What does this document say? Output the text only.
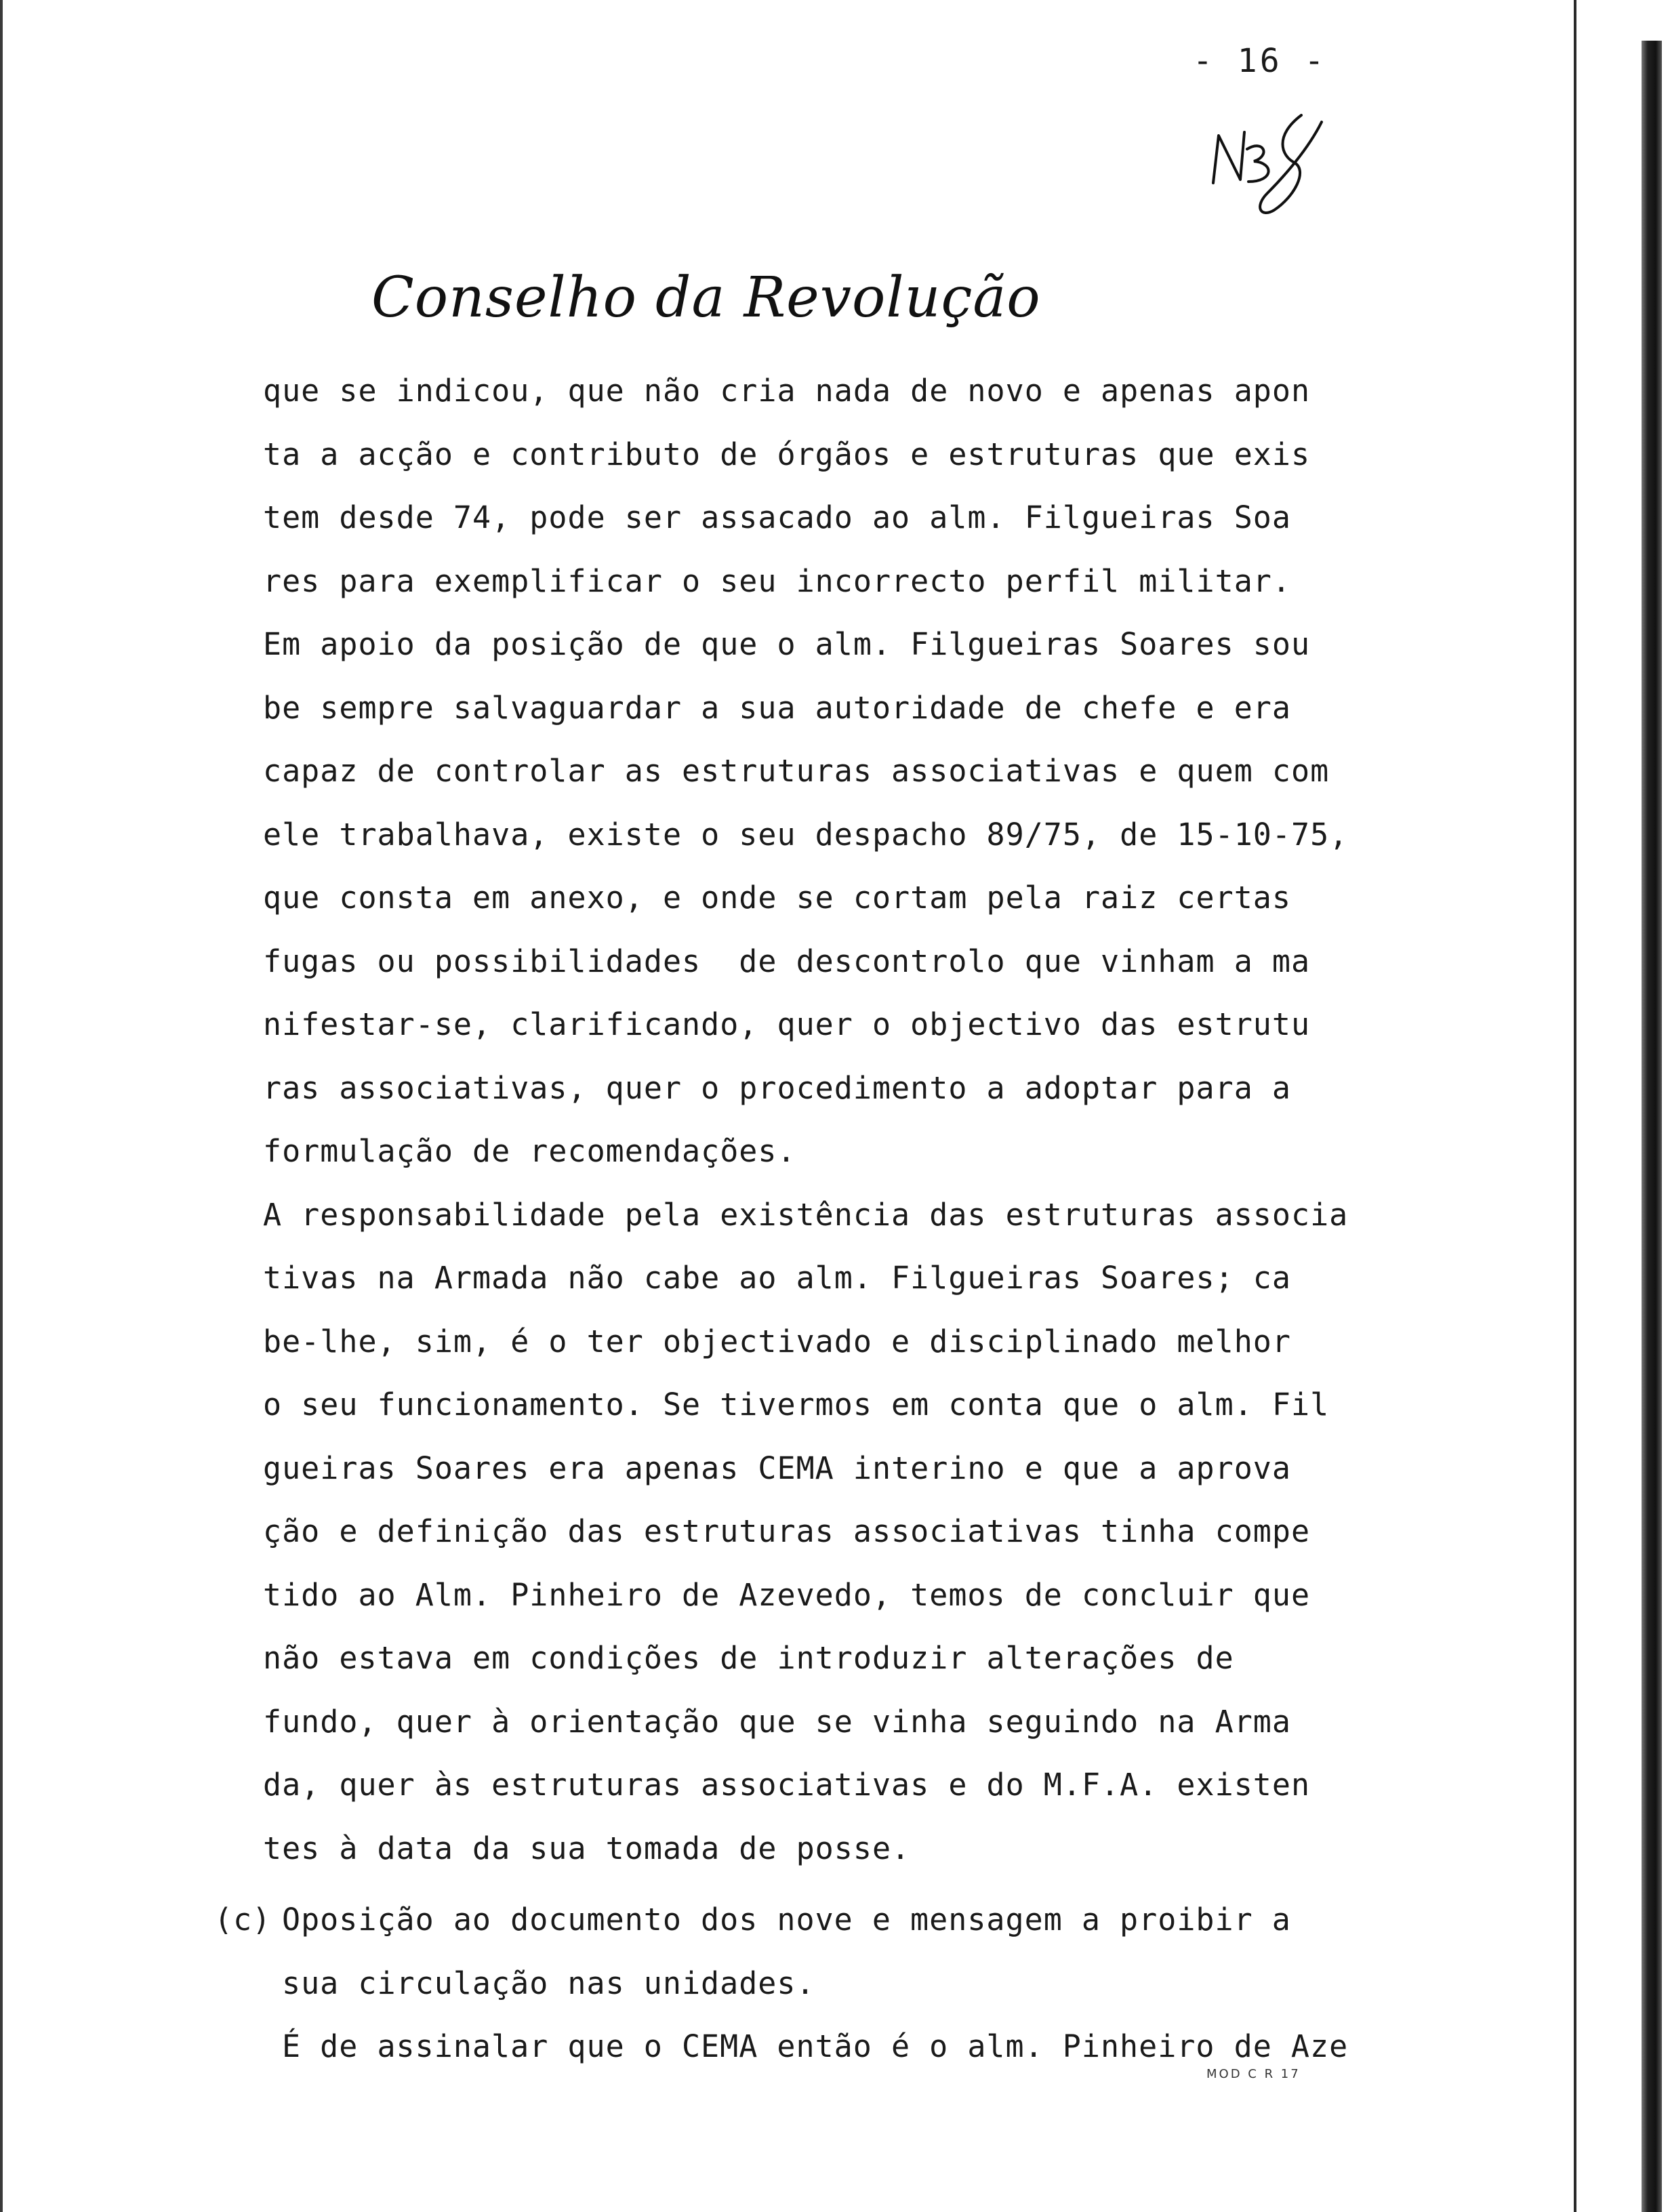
- 16 -
Conselho da Revolução
que se indicou, que não cria nada de novo e apenas apon
ta a acção e contributo de órgãos e estruturas que exis
tem desde 74, pode ser assacado ao alm. Filgueiras Soa
res para exemplificar o seu incorrecto perfil militar.
Em apoio da posição de que o alm. Filgueiras Soares sou
be sempre salvaguardar a sua autoridade de chefe e era
capaz de controlar as estruturas associativas e quem com
ele trabalhava, existe o seu despacho 89/75, de 15-10-75,
que consta em anexo, e onde se cortam pela raiz certas
fugas ou possibilidades  de descontrolo que vinham a ma
nifestar-se, clarificando, quer o objectivo das estrutu
ras associativas, quer o procedimento a adoptar para a
formulação de recomendações.
A responsabilidade pela existência das estruturas associa
tivas na Armada não cabe ao alm. Filgueiras Soares; ca
be-lhe, sim, é o ter objectivado e disciplinado melhor
o seu funcionamento. Se tivermos em conta que o alm. Fil
gueiras Soares era apenas CEMA interino e que a aprova
ção e definição das estruturas associativas tinha compe
tido ao Alm. Pinheiro de Azevedo, temos de concluir que
não estava em condições de introduzir alterações de
fundo, quer à orientação que se vinha seguindo na Arma
da, quer às estruturas associativas e do M.F.A. existen
tes à data da sua tomada de posse.
(c) Oposição ao documento dos nove e mensagem a proibir a
sua circulação nas unidades.
É de assinalar que o CEMA então é o alm. Pinheiro de Aze
MOD C R 17
